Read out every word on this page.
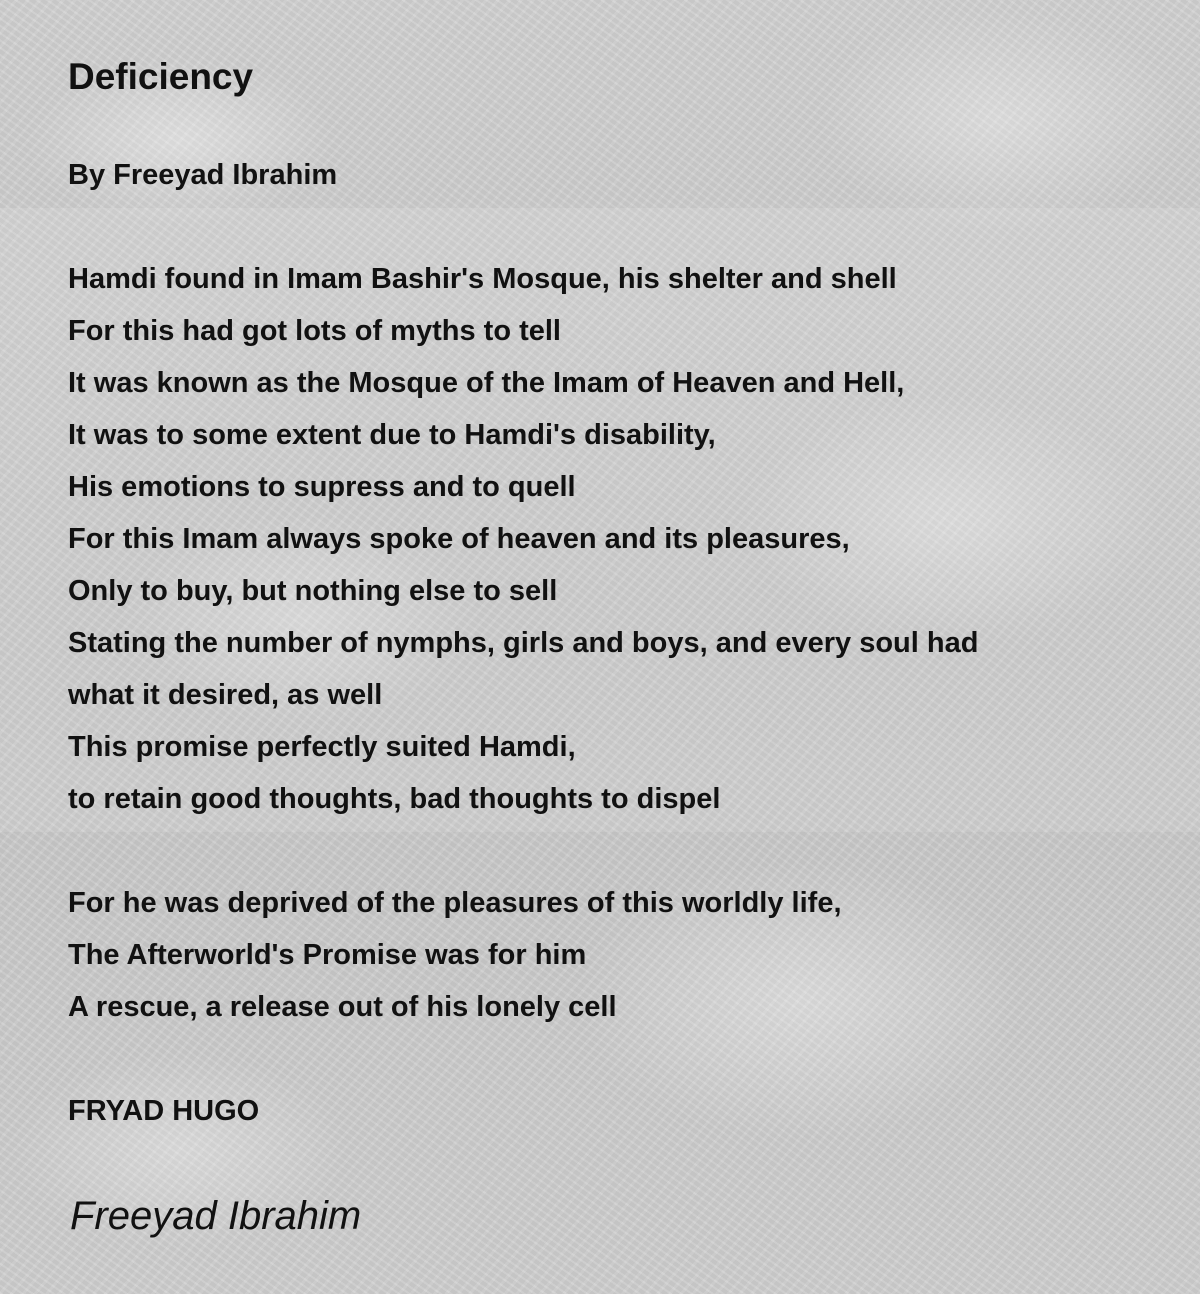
Deficiency
By Freeyad Ibrahim
Hamdi found in Imam Bashir's Mosque, his shelter and shell
For this had got lots of myths to tell
It was known as the Mosque of the Imam of Heaven and Hell,
It was to some extent due to Hamdi's disability,
His emotions to supress and to quell
For this Imam always spoke of heaven and its pleasures,
Only to buy, but nothing else to sell
Stating the number of nymphs, girls and boys, and every soul had
what it desired, as well
This promise perfectly suited Hamdi,
to retain good thoughts, bad thoughts to dispel
For he was deprived of the pleasures of this worldly life,
The Afterworld's Promise was for him
A rescue, a release out of his lonely cell
FRYAD HUGO
Freeyad Ibrahim
